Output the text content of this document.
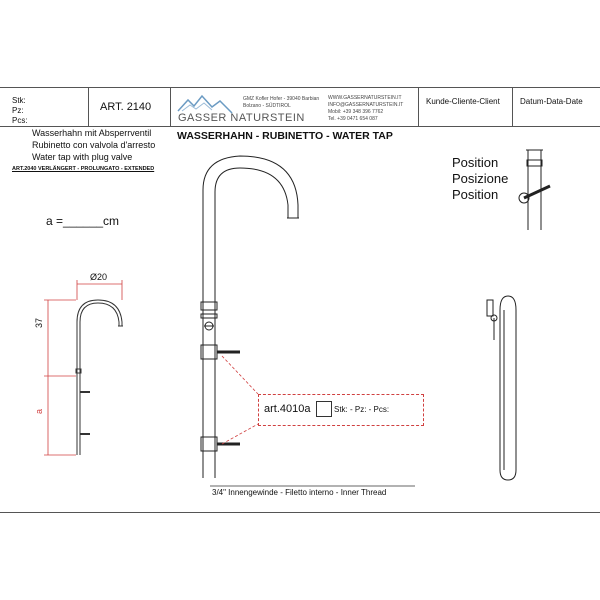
Stk:
Pz:
Pcs:
ART. 2140
GASSER NATURSTEIN
GMZ Kofler Hofer - 39040 Barbian
Bolzano - SÜDTIROL
WWW.GASSERNATURSTEIN.IT
INFO@GASSERNATURSTEIN.IT
Mobil: +39 348 396 7762
Tel. +39 0471 654 087
Kunde-Cliente-Client	Datum-Data-Date
Wasserhahn mit Absperrventil
Rubinetto con valvola d'arresto
Water tap with plug valve
ART.2040 VERLÄNGERT - PROLUNGATO - EXTENDED
a =______cm
Ø20
37
a
WASSERHAHN - RUBINETTO - WATER TAP
art.4010a	Stk: - Pz: - Pcs:
3/4" Innengewinde - Filetto interno - Inner Thread
Position
Posizione
Position
